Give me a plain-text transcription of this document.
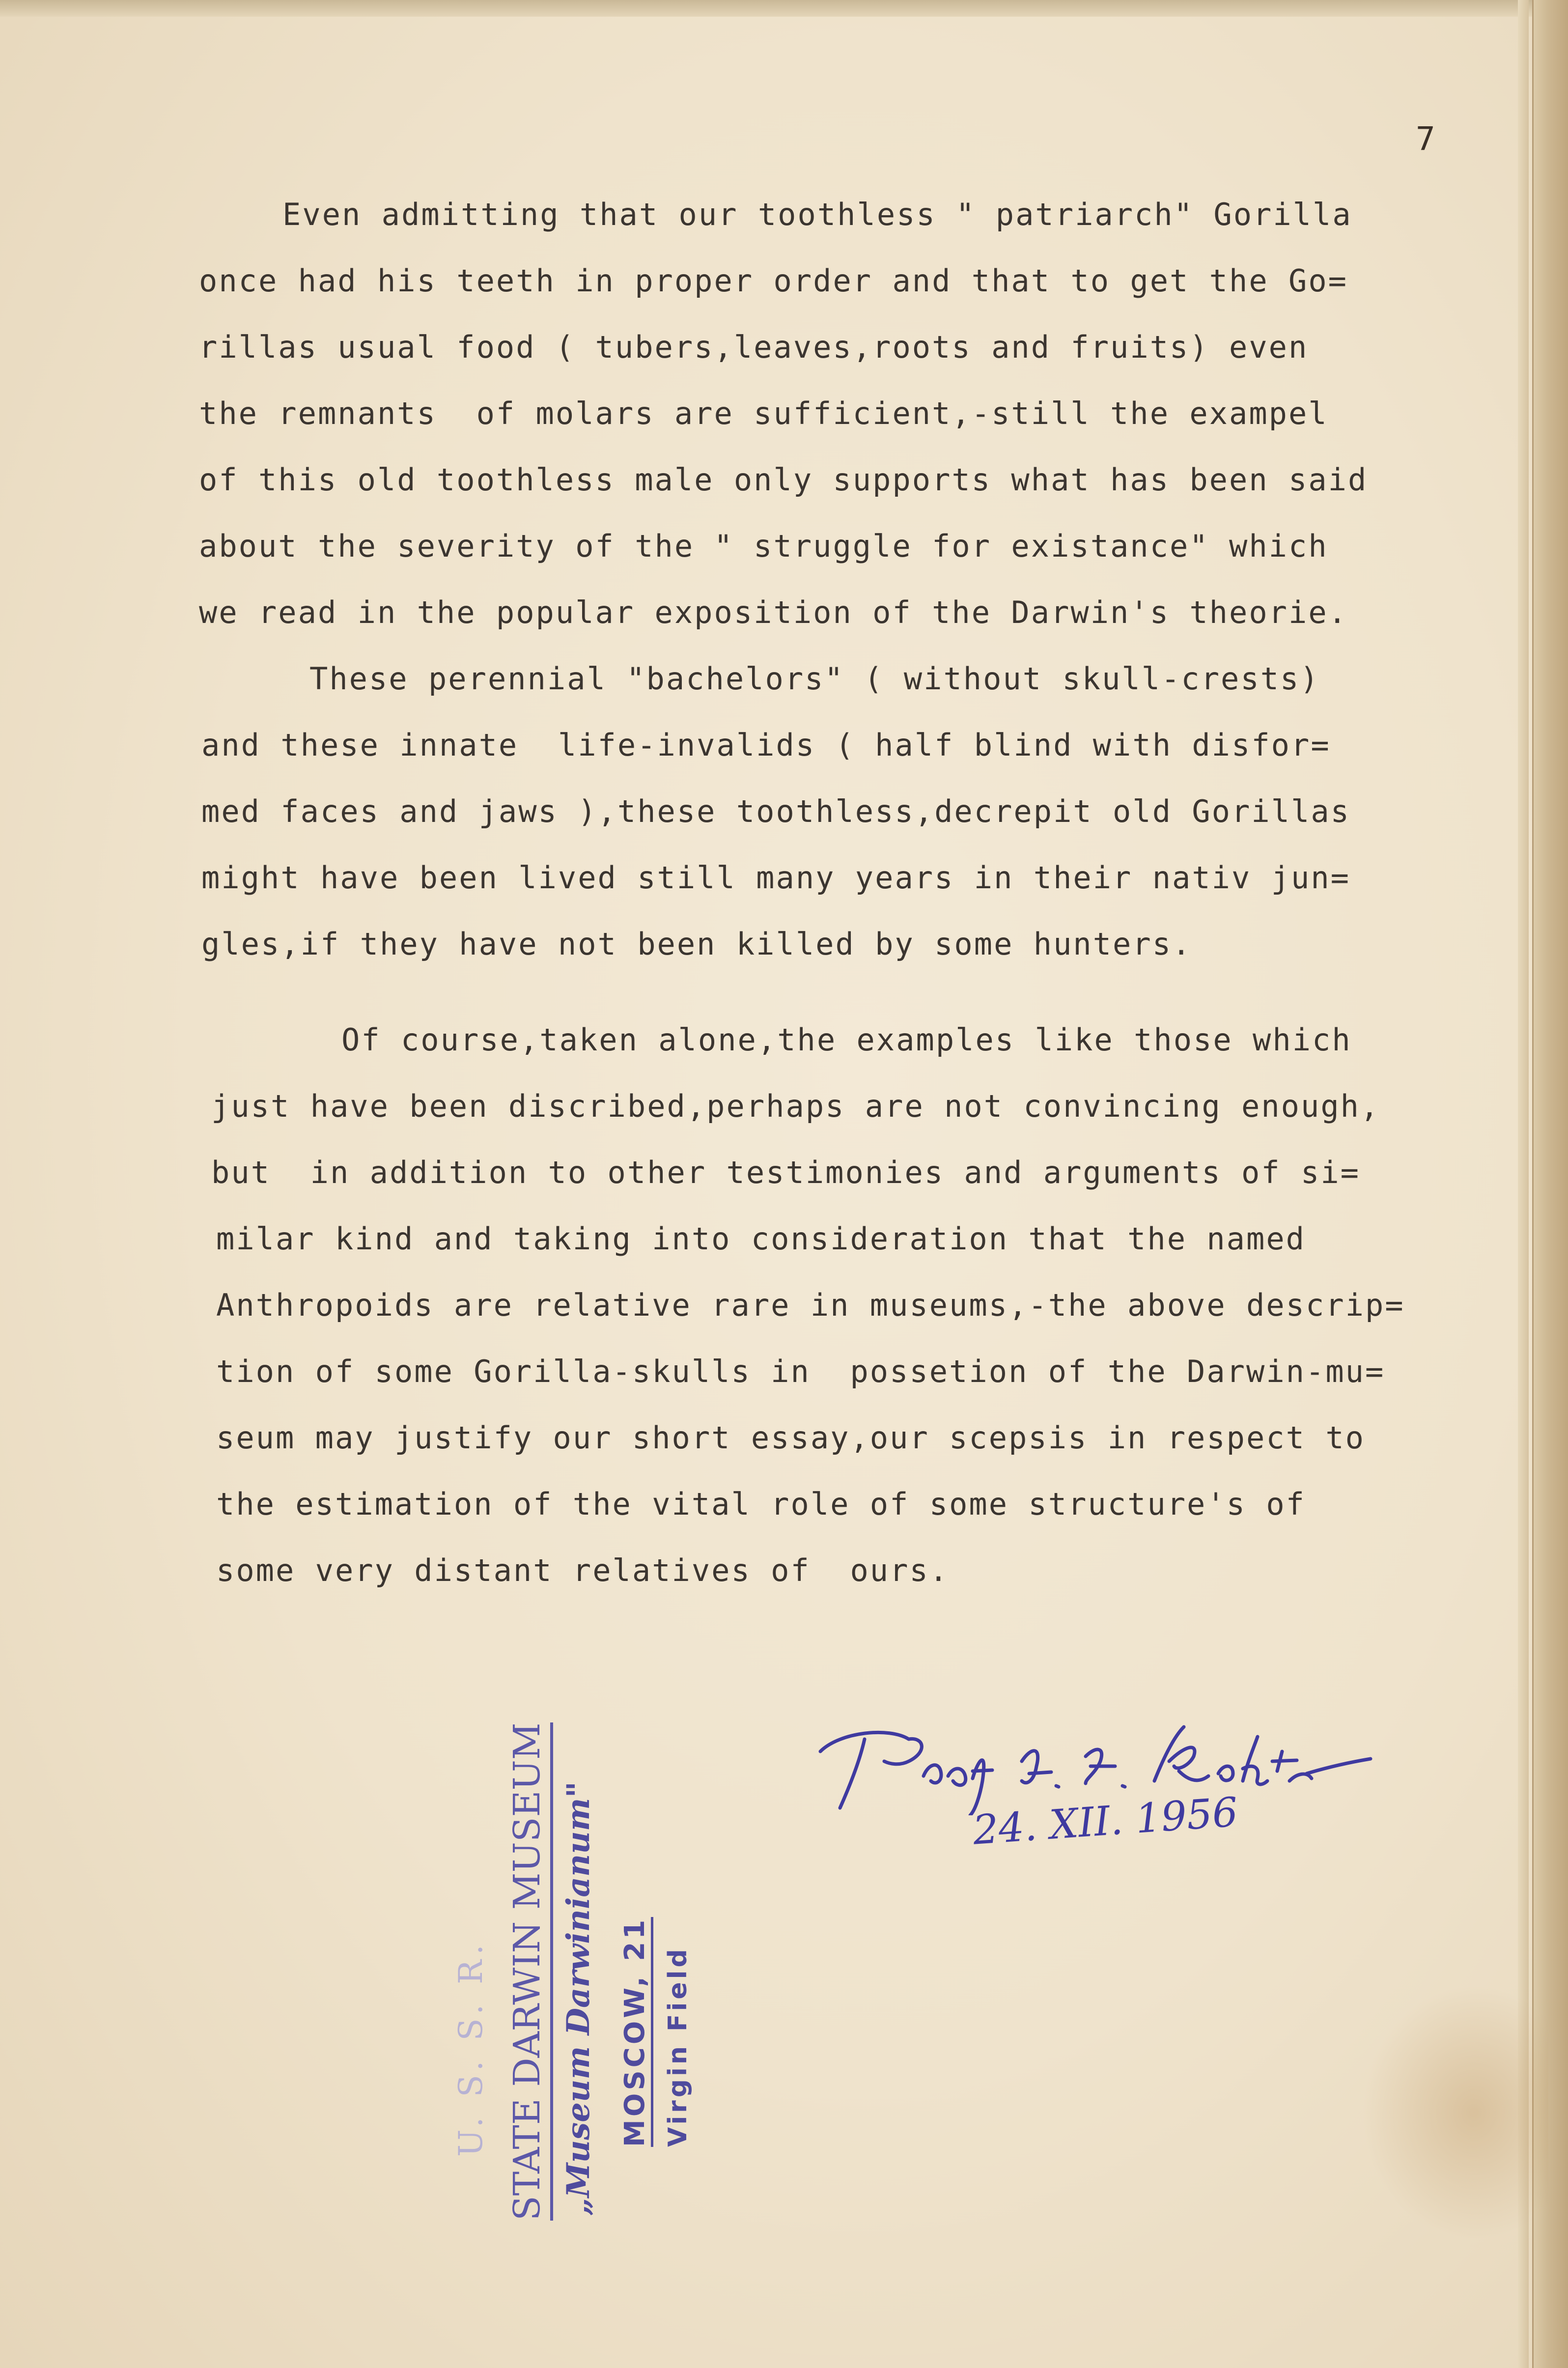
7
Even admitting that our toothless " patriarch" Gorilla
once had his teeth in proper order and that to get the Go=
rillas usual food ( tubers,leaves,roots and fruits) even
the remnants  of molars are sufficient,-still the exampel
of this old toothless male only supports what has been said
about the severity of the " struggle for existance" which
we read in the popular exposition of the Darwin's theorie.
These perennial "bachelors" ( without skull-crests)
and these innate  life-invalids ( half blind with disfor=
med faces and jaws ),these toothless,decrepit old Gorillas
might have been lived still many years in their nativ jun=
gles,if they have not been killed by some hunters.
Of course,taken alone,the examples like those which
just have been discribed,perhaps are not convincing enough,
but  in addition to other testimonies and arguments of si=
milar kind and taking into consideration that the named
Anthropoids are relative rare in museums,-the above descrip=
tion of some Gorilla-skulls in  possetion of the Darwin-mu=
seum may justify our short essay,our scepsis in respect to
the estimation of the vital role of some structure's of
some very distant relatives of  ours.
24. XII. 1956
U. S. S. R. STATE DARWIN MUSEUM „Museum Darwinianum" MOSCOW, 21 Virgin Field
